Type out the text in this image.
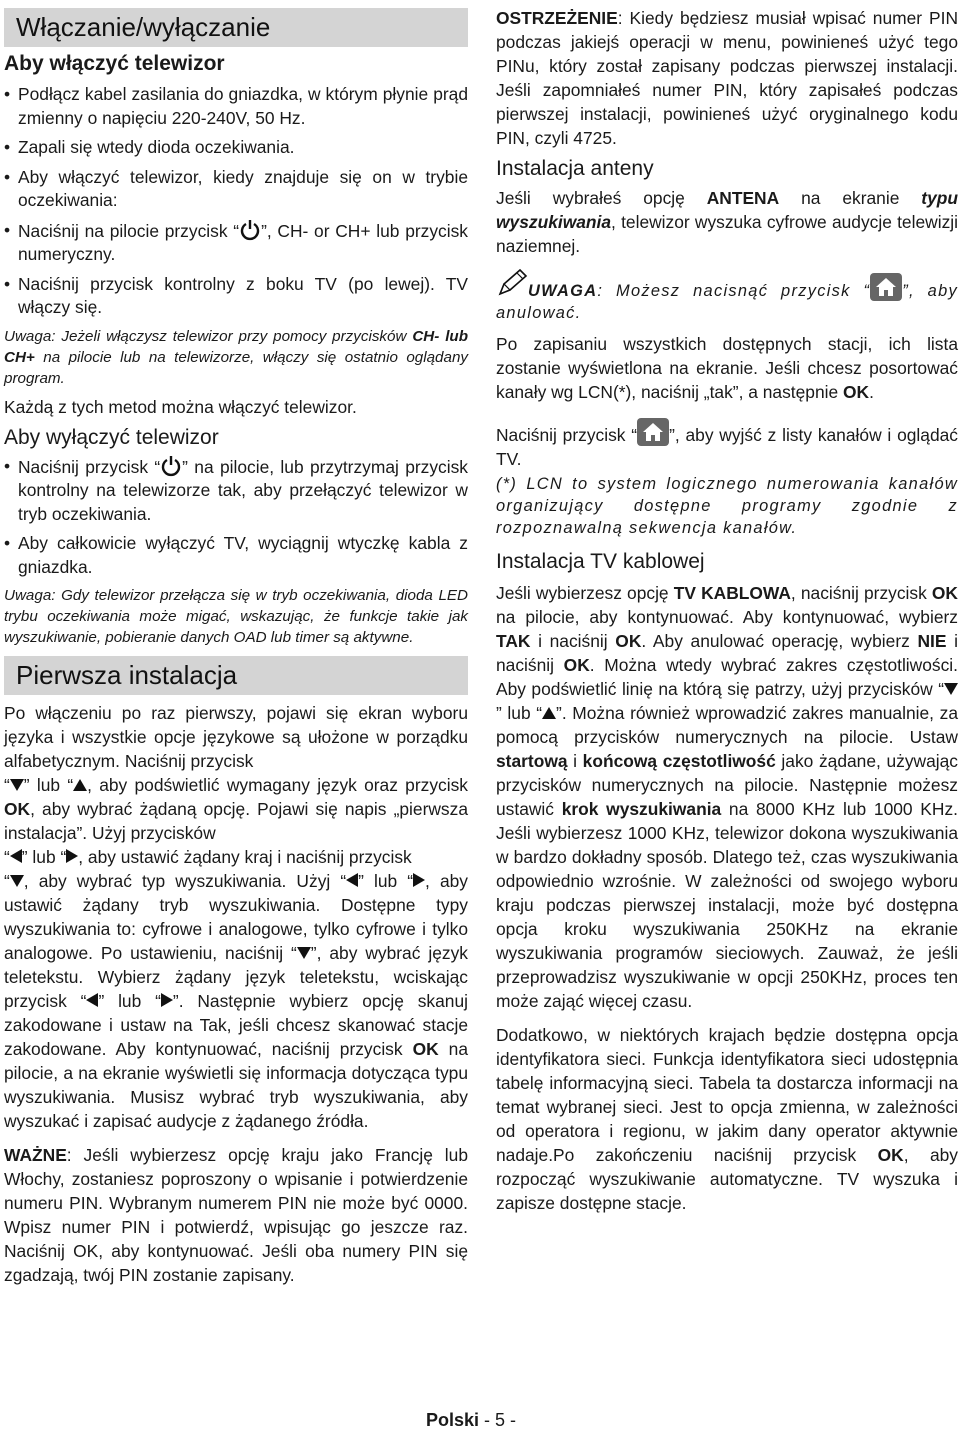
Włączanie/wyłączanie
Aby włączyć telewizor
• Podłącz kabel zasilania do gniazdka, w którym płynie prąd zmienny o napięciu 220-240V, 50 Hz.
• Zapali się wtedy dioda oczekiwania.
• Aby włączyć telewizor, kiedy znajduje się on w trybie oczekiwania:
• Naciśnij na pilocie przycisk “ ”, CH- or CH+ lub przycisk numeryczny.
• Naciśnij przycisk kontrolny z boku TV (po lewej). TV włączy się.
Uwaga: Jeżeli włączysz telewizor przy pomocy przycisków CH- lub CH+ na pilocie lub na telewizorze, włączy się ostatnio oglądany program.
Każdą z tych metod można włączyć telewizor.
Aby wyłączyć telewizor
• Naciśnij przycisk “ ” na pilocie, lub przytrzymaj przycisk kontrolny na telewizorze tak, aby przełączyć telewizor w tryb oczekiwania.
• Aby całkowicie wyłączyć TV, wyciągnij wtyczkę kabla z gniazdka.
Uwaga: Gdy telewizor przełącza się w tryb oczekiwania, dioda LED trybu oczekiwania może migać, wskazując, że funkcje takie jak wyszukiwanie, pobieranie danych OAD lub timer są aktywne.
Pierwsza instalacja
Po włączeniu po raz pierwszy, pojawi się ekran wyboru języka i wszystkie opcje językowe są ułożone w porządku alfabetycznym. Naciśnij przycisk
“ ” lub “ , aby podświetlić wymagany język oraz przycisk OK, aby wybrać żądaną opcję. Pojawi się napis „pierwsza instalacja”. Użyj przycisków
“ ” lub “ , aby ustawić żądany kraj i naciśnij przycisk
“ , aby wybrać typ wyszukiwania. Użyj “ ” lub “ , aby ustawić żądany tryb wyszukiwania. Dostępne typy wyszukiwania to: cyfrowe i analogowe, tylko cyfrowe i tylko analogowe. Po ustawieniu, naciśnij “ ”, aby wybrać język teletekstu. Wybierz żądany język teletekstu, wciskając przycisk “ ” lub “ ”. Następnie wybierz opcję skanuj zakodowane i ustaw na Tak, jeśli chcesz skanować stacje zakodowane. Aby kontynuować, naciśnij przycisk OK na pilocie, a na ekranie wyświetli się informacja dotycząca typu wyszukiwania. Musisz wybrać tryb wyszukiwania, aby wyszukać i zapisać audycje z żądanego źródła.
WAŻNE: Jeśli wybierzesz opcję kraju jako Francję lub Włochy, zostaniesz poproszony o wpisanie i potwierdzenie numeru PIN. Wybranym numerem PIN nie może być 0000. Wpisz numer PIN i potwierdź, wpisując go jeszcze raz. Naciśnij OK, aby kontynuować. Jeśli oba numery PIN się zgadzają, twój PIN zostanie zapisany.
OSTRZEŻENIE: Kiedy będziesz musiał wpisać numer PIN podczas jakiejś operacji w menu, powinieneś użyć tego PINu, który został zapisany podczas pierwszej instalacji. Jeśli zapomniałeś numer PIN, który zapisałeś podczas pierwszej instalacji, powinieneś użyć oryginalnego kodu PIN, czyli 4725.
Instalacja anteny
Jeśli wybrałeś opcję ANTENA na ekranie typu wyszukiwania, telewizor wyszuka cyfrowe audycje telewizji naziemnej.
UWAGA: Możesz nacisnąć przycisk “ ”, aby anulować.
Po zapisaniu wszystkich dostępnych stacji, ich lista zostanie wyświetlona na ekranie. Jeśli chcesz posortować kanały wg LCN(*), naciśnij „tak”, a następnie OK.
Naciśnij przycisk “ ”, aby wyjść z listy kanałów i oglądać TV.
(*) LCN to system logicznego numerowania kanałów organizujący dostępne programy zgodnie z rozpoznawalną sekwencja kanałów.
Instalacja TV kablowej
Jeśli wybierzesz opcję TV KABLOWA, naciśnij przycisk OK na pilocie, aby kontynuować. Aby kontynuować, wybierz TAK i naciśnij OK. Aby anulować operację, wybierz NIE i naciśnij OK. Można wtedy wybrać zakres częstotliwości. Aby podświetlić linię na którą się patrzy, użyj przycisków “” lub “ ”. Można również wprowadzić zakres manualnie, za pomocą przycisków numerycznych na pilocie. Ustaw startową i końcową częstotliwość jako żądane, używając przycisków numerycznych na pilocie. Następnie możesz ustawić krok wyszukiwania na 8000 KHz lub 1000 KHz. Jeśli wybierzesz 1000 KHz, telewizor dokona wyszukiwania w bardzo dokładny sposób. Dlatego też, czas wyszukiwania odpowiednio wzrośnie. W zależności od swojego wyboru kraju podczas pierwszej instalacji, może być dostępna opcja kroku wyszukiwania 250KHz na ekranie wyszukiwania programów sieciowych. Zauważ, że jeśli przeprowadzisz wyszukiwanie w opcji 250KHz, proces ten może zająć więcej czasu.
Dodatkowo, w niektórych krajach będzie dostępna opcja identyfikatora sieci. Funkcja identyfikatora sieci udostępnia tabelę informacyjną sieci. Tabela ta dostarcza informacji na temat wybranej sieci. Jest to opcja zmienna, w zależności od operatora i regionu, w jakim dany operator aktywnie nadaje.Po zakończeniu naciśnij przycisk OK, aby rozpocząć wyszukiwanie automatyczne. TV wyszuka i zapisze dostępne stacje.
Polski - 5 -
